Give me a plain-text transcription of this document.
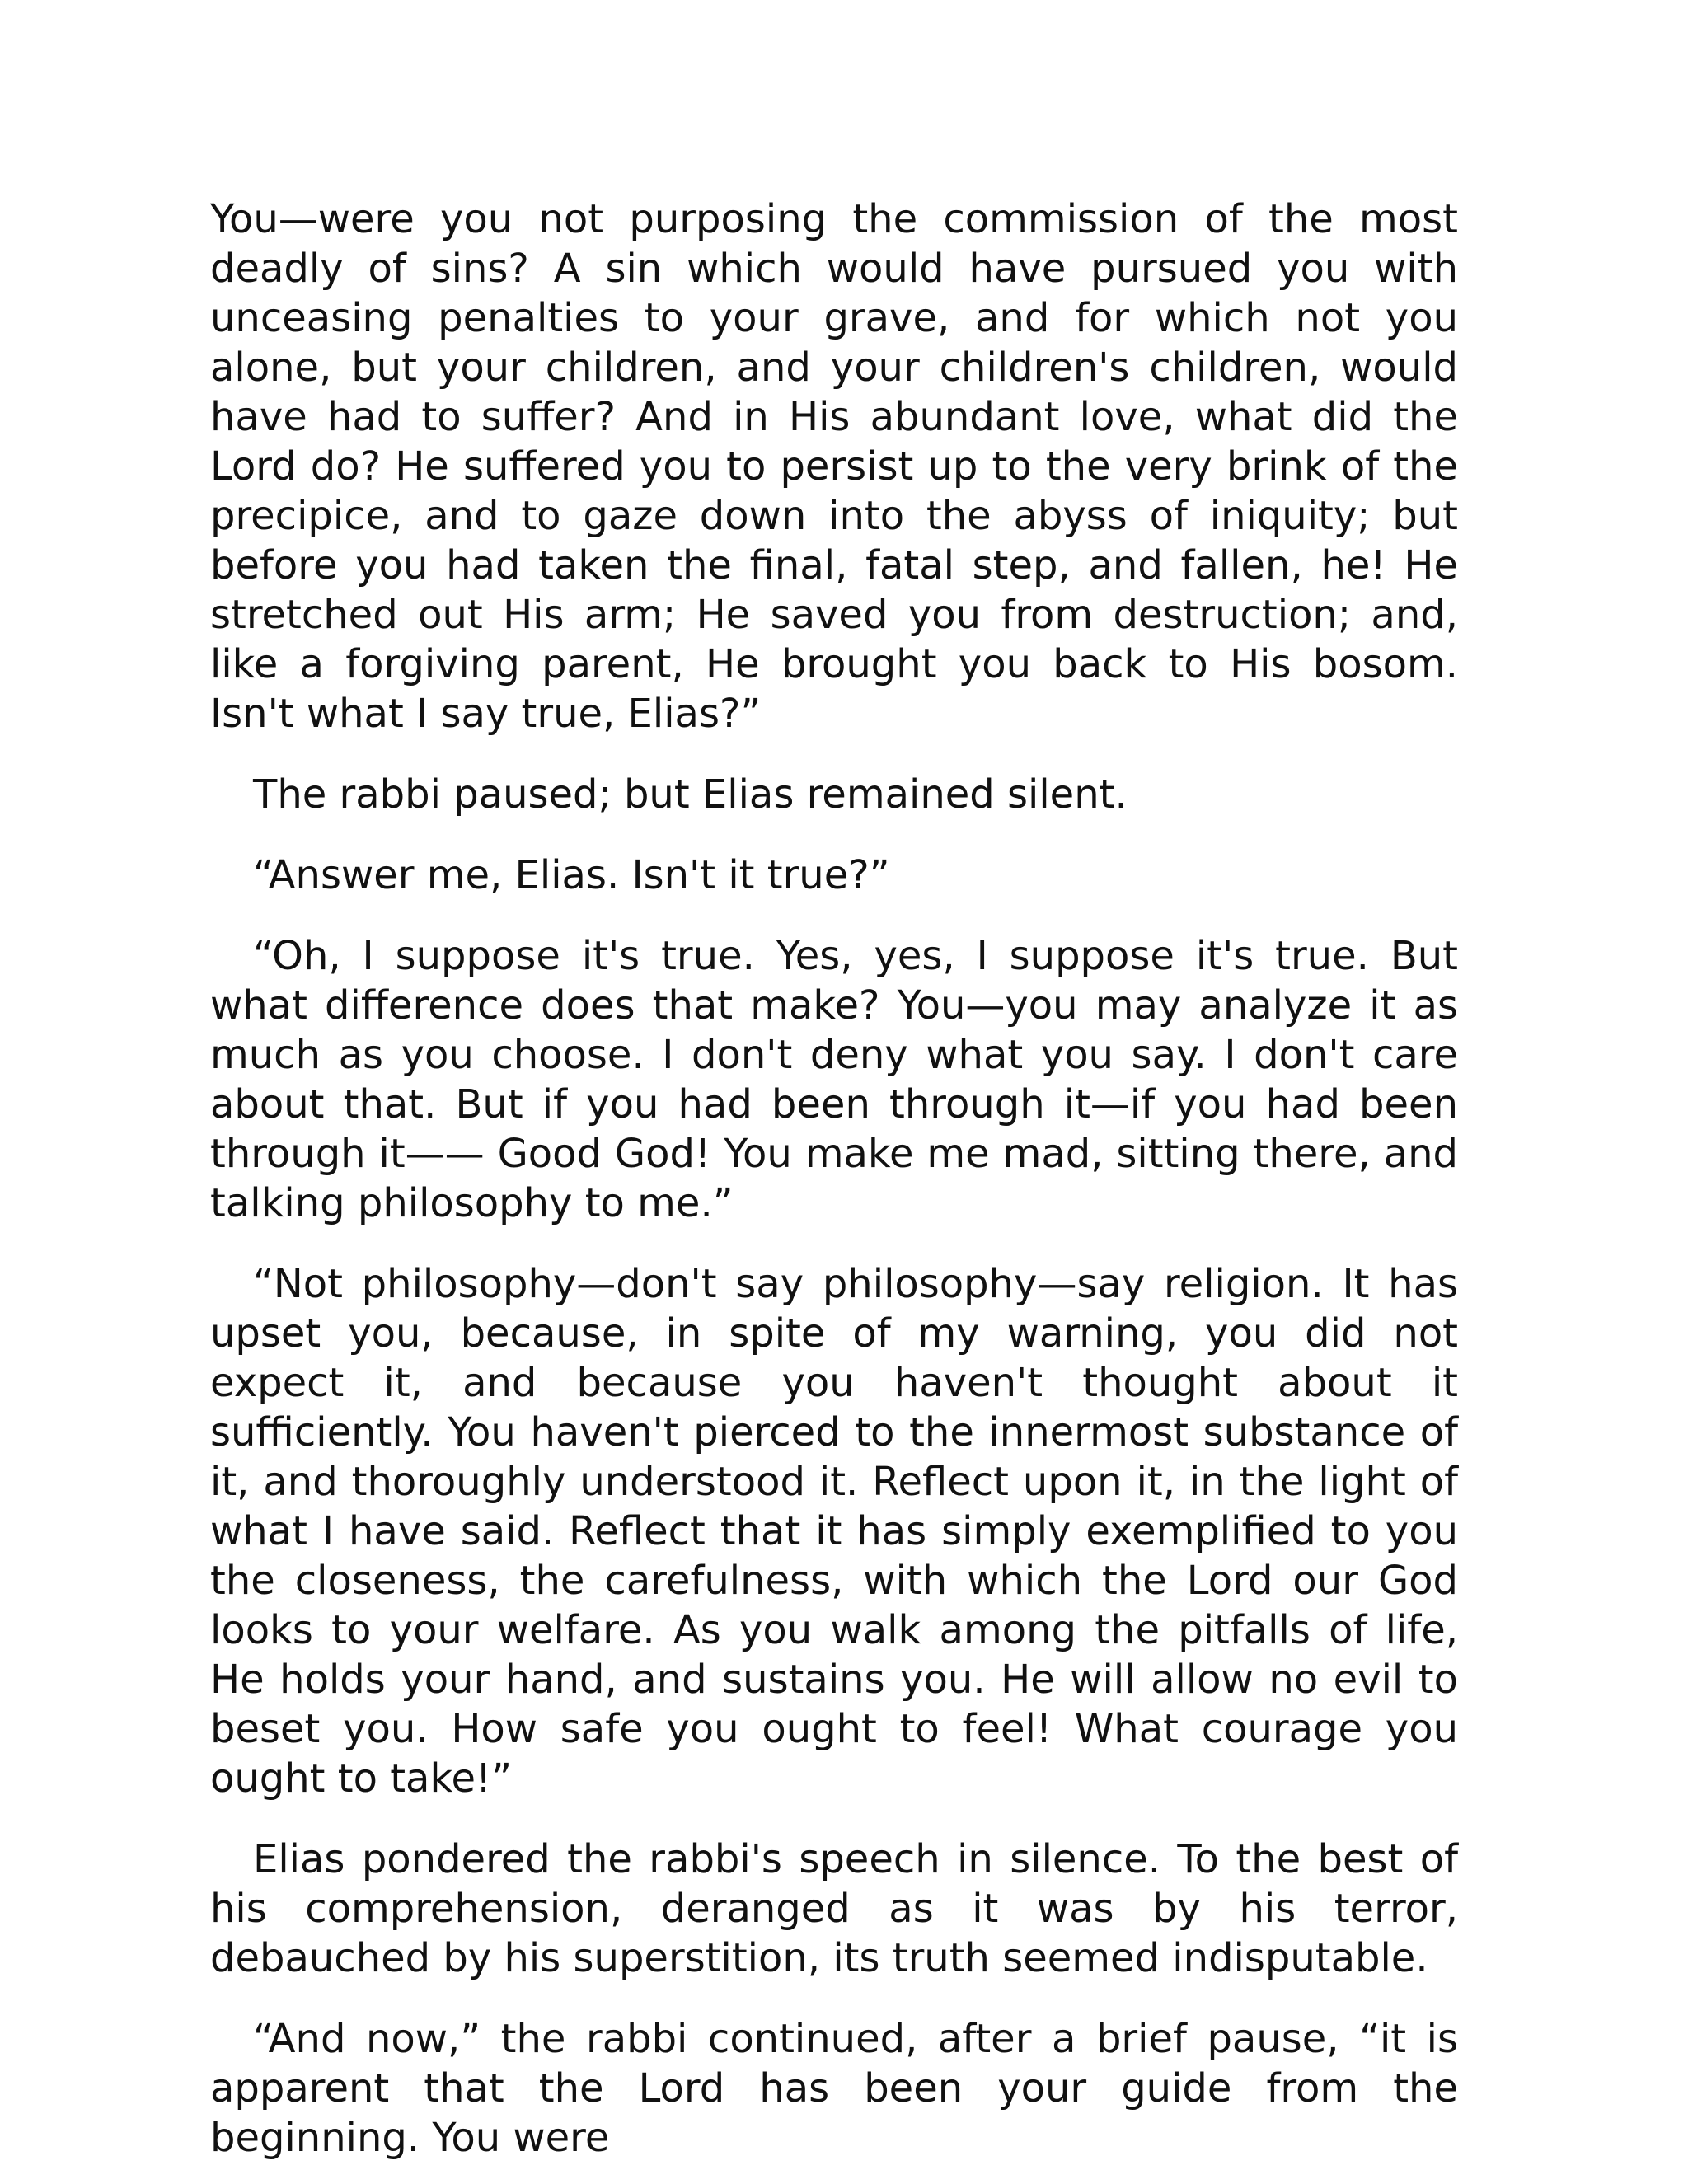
You—were you not purposing the commission of the most deadly of sins? A sin which would have pursued you with unceasing penalties to your grave, and for which not you alone, but your children, and your children's children, would have had to suffer? And in His abundant love, what did the Lord do? He suffered you to persist up to the very brink of the precipice, and to gaze down into the abyss of iniquity; but before you had taken the final, fatal step, and fallen, he! He stretched out His arm; He saved you from destruction; and, like a forgiving parent, He brought you back to His bosom. Isn't what I say true, Elias?”

The rabbi paused; but Elias remained silent.

“Answer me, Elias. Isn't it true?”

“Oh, I suppose it's true. Yes, yes, I suppose it's true. But what difference does that make? You—you may analyze it as much as you choose. I don't deny what you say. I don't care about that. But if you had been through it—if you had been through it—— Good God! You make me mad, sitting there, and talking philosophy to me.”

“Not philosophy—don't say philosophy—say religion. It has upset you, because, in spite of my warning, you did not expect it, and because you haven't thought about it sufficiently. You haven't pierced to the innermost substance of it, and thoroughly understood it. Reflect upon it, in the light of what I have said. Reflect that it has simply exemplified to you the closeness, the carefulness, with which the Lord our God looks to your welfare. As you walk among the pitfalls of life, He holds your hand, and sustains you. He will allow no evil to beset you. How safe you ought to feel! What courage you ought to take!”

Elias pondered the rabbi's speech in silence. To the best of his comprehension, deranged as it was by his terror, debauched by his superstition, its truth seemed indisputable.

“And now,” the rabbi continued, after a brief pause, “it is apparent that the Lord has been your guide from the beginning. You were
